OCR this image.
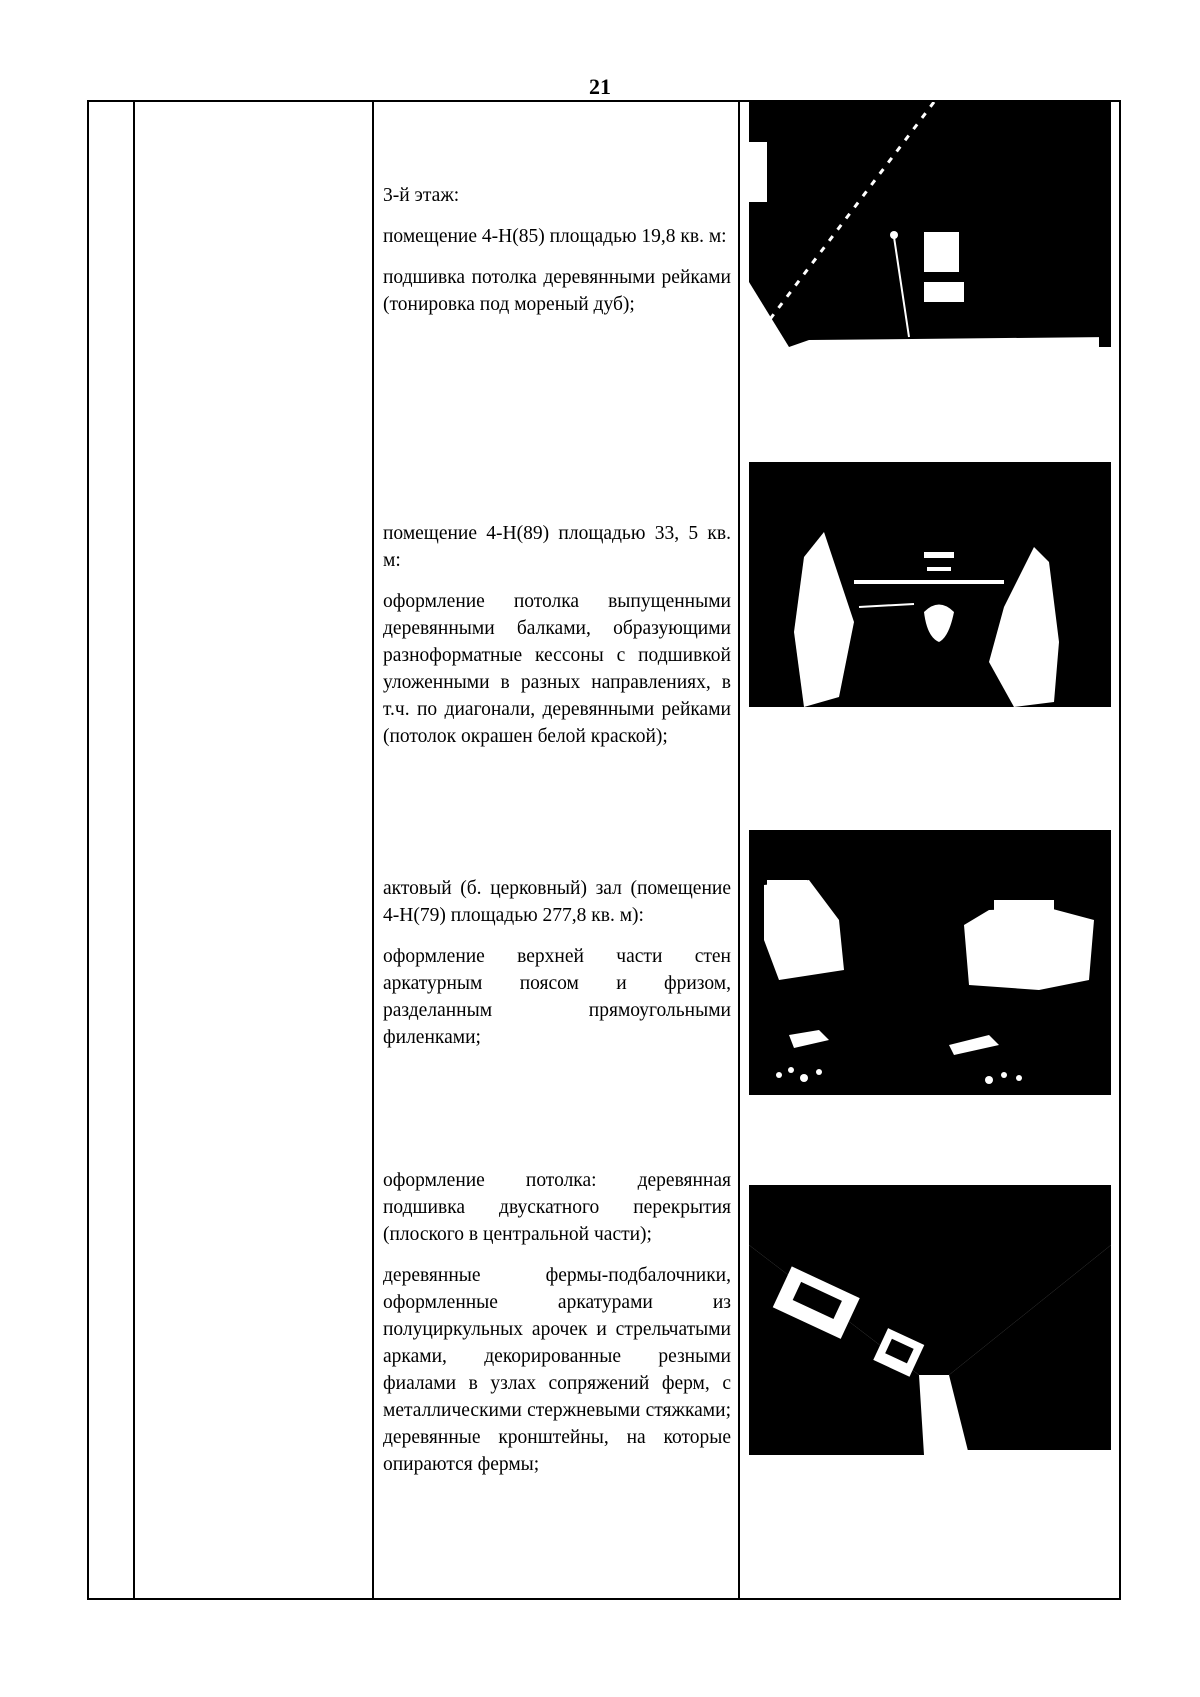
21

3-й этаж:

помещение 4-Н(85) площадью 19,8 кв. м:

подшивка потолка деревянными рейками (тонировка под мореный дуб);

помещение 4-Н(89) площадью 33, 5 кв. м:

оформление потолка выпущенными деревянными балками, образующими разноформатные кессоны с подшивкой уложенными в разных направлениях, в т.ч. по диагонали, деревянными рейками (потолок окрашен белой краской);

актовый (б. церковный) зал (помещение 4-Н(79) площадью 277,8 кв. м):

оформление верхней части стен аркатурным поясом и фризом, разделанным прямоугольными филенками;

оформление потолка: деревянная подшивка двускатного перекрытия (плоского в центральной части);

деревянные фермы-подбалочники, оформленные аркатурами из полуциркульных арочек и стрельчатыми арками, декорированные резными фиалами в узлах сопряжений ферм, с металлическими стержневыми стяжками; деревянные кронштейны, на которые опираются фермы;
